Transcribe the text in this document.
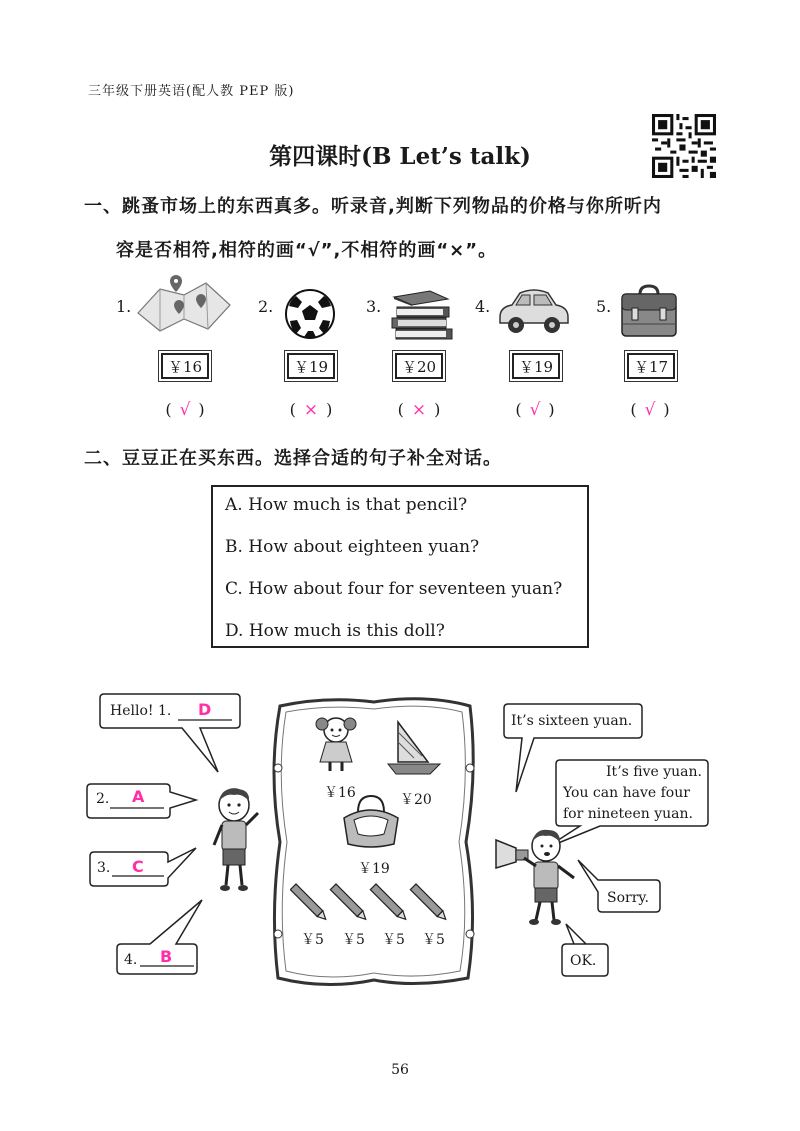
三年级下册英语(配人教 PEP 版)
第四课时(B Let’s talk)
一、跳蚤市场上的东西真多。听录音,判断下列物品的价格与你所听内
容是否相符,相符的画“√”,不相符的画“×”。
1.	2.	3.	4.	5.
￥16	￥19	￥20	￥19	￥17
( √ )	( × )	( × )	( √ )	( √ )
二、豆豆正在买东西。选择合适的句子补全对话。
A. How much is that pencil?
B. How about eighteen yuan?
C. How about four for seventeen yuan?
D. How much is this doll?
Hello! 1. D
2. A
3. C
4. B
It’s sixteen yuan.
It’s five yuan.
You can have four
for nineteen yuan.
Sorry.
OK.
￥16	￥20
￥19
￥5 ￥5 ￥5 ￥5
56
